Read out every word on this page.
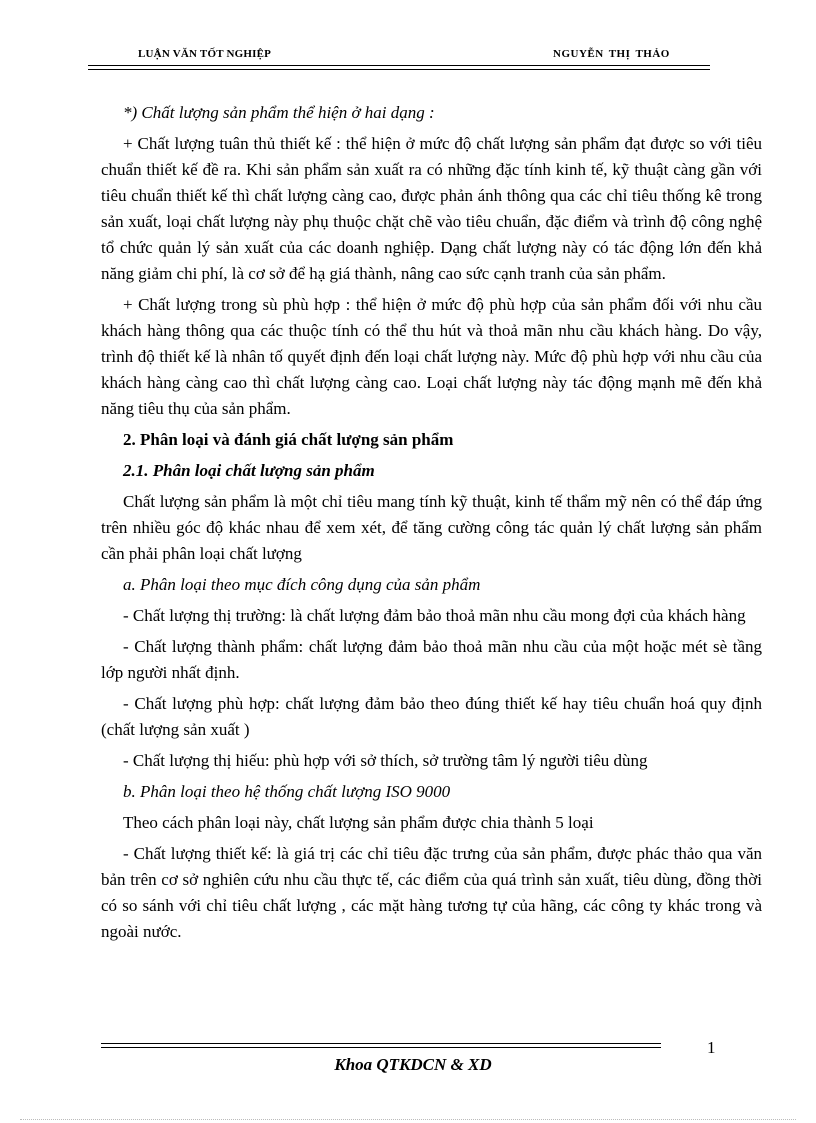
LUẬN VĂN TỐT NGHIỆP	NGUYỄN THỊ THẢO

*) Chất lượng sản phẩm thể hiện ở hai dạng :

+ Chất lượng tuân thủ thiết kế : thể hiện ở mức độ chất lượng sản phẩm đạt được so với tiêu chuẩn thiết kế đề ra. Khi sản phẩm sản xuất ra có những đặc tính kinh tế, kỹ thuật càng gần với tiêu chuẩn thiết kế thì chất lượng càng cao, được phản ánh thông qua các chỉ tiêu thống kê trong sản xuất, loại chất lượng này phụ thuộc chặt chẽ vào tiêu chuẩn, đặc điểm và trình độ công nghệ tổ chức quản lý sản xuất của các doanh nghiệp. Dạng chất lượng này có tác động lớn đến khả năng giảm chi phí, là cơ sở để hạ giá thành, nâng cao sức cạnh tranh của sản phẩm.

+ Chất lượng trong sù phù hợp : thể hiện ở mức độ phù hợp của sản phẩm đối với nhu cầu khách hàng thông qua các thuộc tính có thể thu hút và thoả mãn nhu cầu khách hàng. Do vậy, trình độ thiết kế là nhân tố quyết định đến loại chất lượng này. Mức độ phù hợp với nhu cầu của khách hàng càng cao thì chất lượng càng cao. Loại chất lượng này tác động mạnh mẽ đến khả năng tiêu thụ của sản phẩm.

2. Phân loại và đánh giá chất lượng sản phẩm

2.1. Phân loại chất lượng sản phẩm

Chất lượng sản phẩm là một chỉ tiêu mang tính kỹ thuật, kinh tế thẩm mỹ nên có thể đáp ứng trên nhiều góc độ khác nhau để xem xét, để tăng cường công tác quản lý chất lượng sản phẩm cần phải phân loại chất lượng

a. Phân loại theo mục đích công dụng của sản phẩm

- Chất lượng thị trường: là chất lượng đảm bảo thoả mãn nhu cầu mong đợi của khách hàng

- Chất lượng thành phẩm: chất lượng đảm bảo thoả mãn nhu cầu của một hoặc mét sè tầng lớp người nhất định.

- Chất lượng phù hợp: chất lượng đảm bảo theo đúng thiết kế hay tiêu chuẩn hoá quy định (chất lượng sản xuất )

- Chất lượng thị hiếu: phù hợp với sở thích, sở trường tâm lý người tiêu dùng

b. Phân loại theo hệ thống chất lượng ISO 9000

Theo cách phân loại này, chất lượng sản phẩm được chia thành 5 loại

- Chất lượng thiết kế: là giá trị các chỉ tiêu đặc trưng của sản phẩm, được phác thảo qua văn bản trên cơ sở nghiên cứu nhu cầu thực tế, các điểm của quá trình sản xuất, tiêu dùng, đồng thời có so sánh với chỉ tiêu chất lượng , các mặt hàng tương tự của hãng, các công ty khác trong và ngoài nước.

1
Khoa QTKDCN & XD
